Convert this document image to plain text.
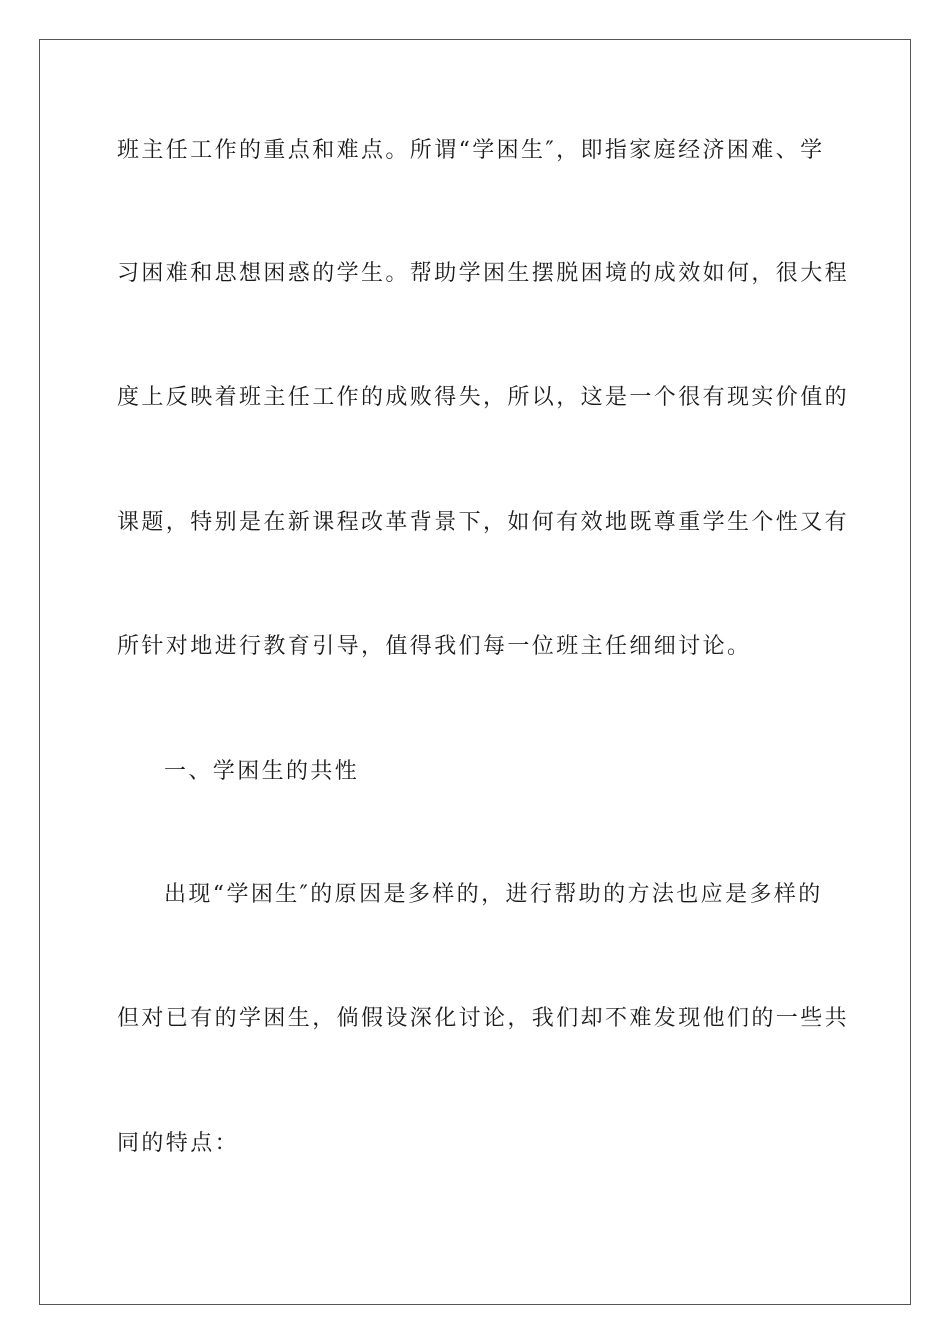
班主任工作的重点和难点。所谓“学困生″，即指家庭经济困难、学
习困难和思想困惑的学生。帮助学困生摆脱困境的成效如何，很大程
度上反映着班主任工作的成败得失，所以，这是一个很有现实价值的
课题，特别是在新课程改革背景下，如何有效地既尊重学生个性又有
所针对地进行教育引导，值得我们每一位班主任细细讨论。
一、学困生的共性
出现“学困生″的原因是多样的，进行帮助的方法也应是多样的
但对已有的学困生，倘假设深化讨论，我们却不难发现他们的一些共
同的特点：
